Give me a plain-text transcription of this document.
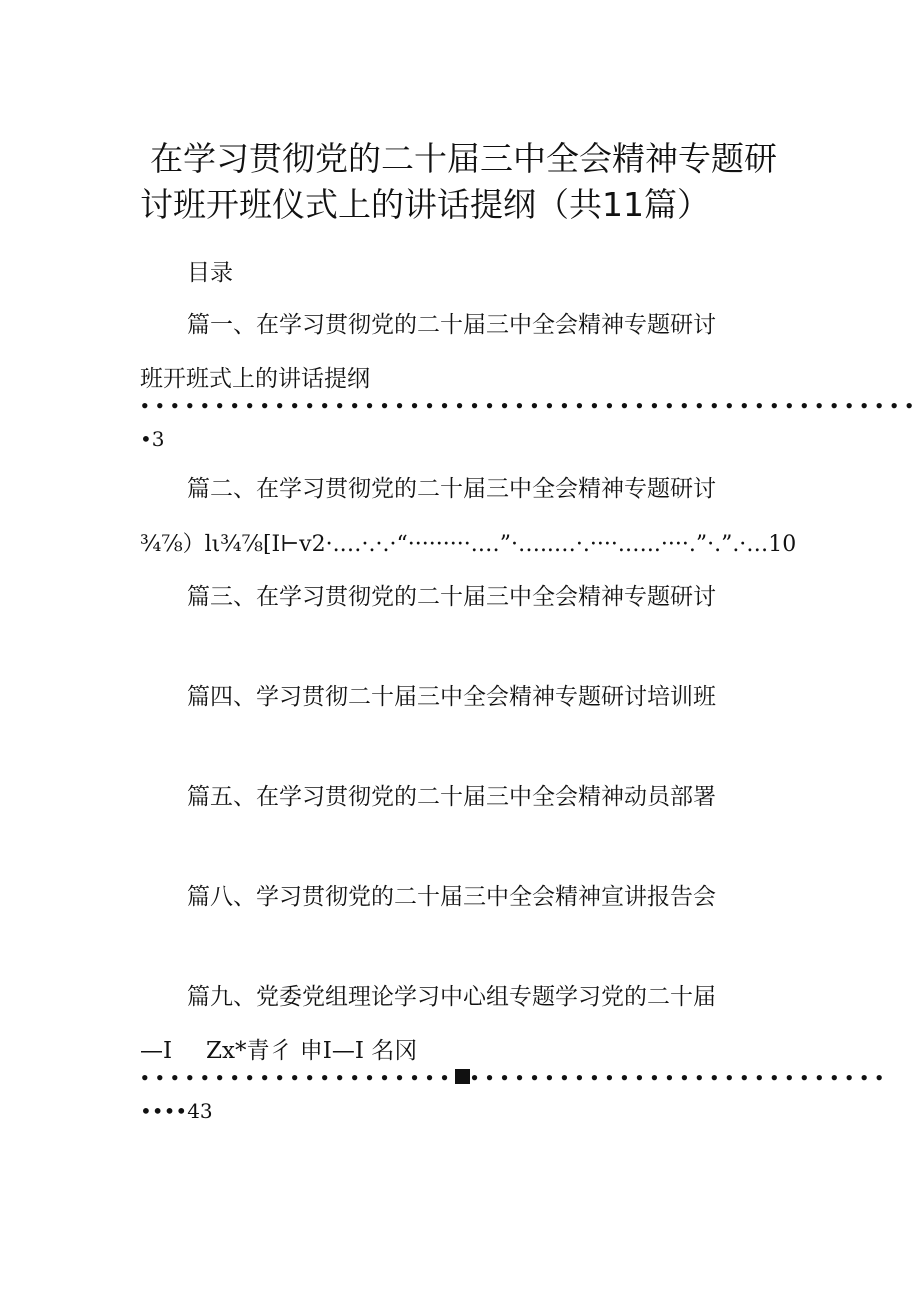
在学习贯彻党的二十届三中全会精神专题研
讨班开班仪式上的讲话提纲（共11篇）
目录
篇一、在学习贯彻党的二十届三中全会精神专题研讨
班开班式上的讲话提纲
••••••••••••••••••••••••••••••••••••••••••••••••••••
•3
篇二、在学习贯彻党的二十届三中全会精神专题研讨
¾⅞）ⅼι¾⅞[I⊢v2·.…·.·.·“·········.…”·…..…·.····.…..····.”·.”.·…10
篇三、在学习贯彻党的二十届三中全会精神专题研讨
篇四、学习贯彻二十届三中全会精神专题研讨培训班
篇五、在学习贯彻党的二十届三中全会精神动员部署
篇八、学习贯彻党的二十届三中全会精神宣讲报告会
篇九、党委党组理论学习中心组专题学习党的二十届
—I Zx*青彳 申I—I 名冈
••••••••••••••••••••• ••••••••••••••••••••••••••••
••••43
